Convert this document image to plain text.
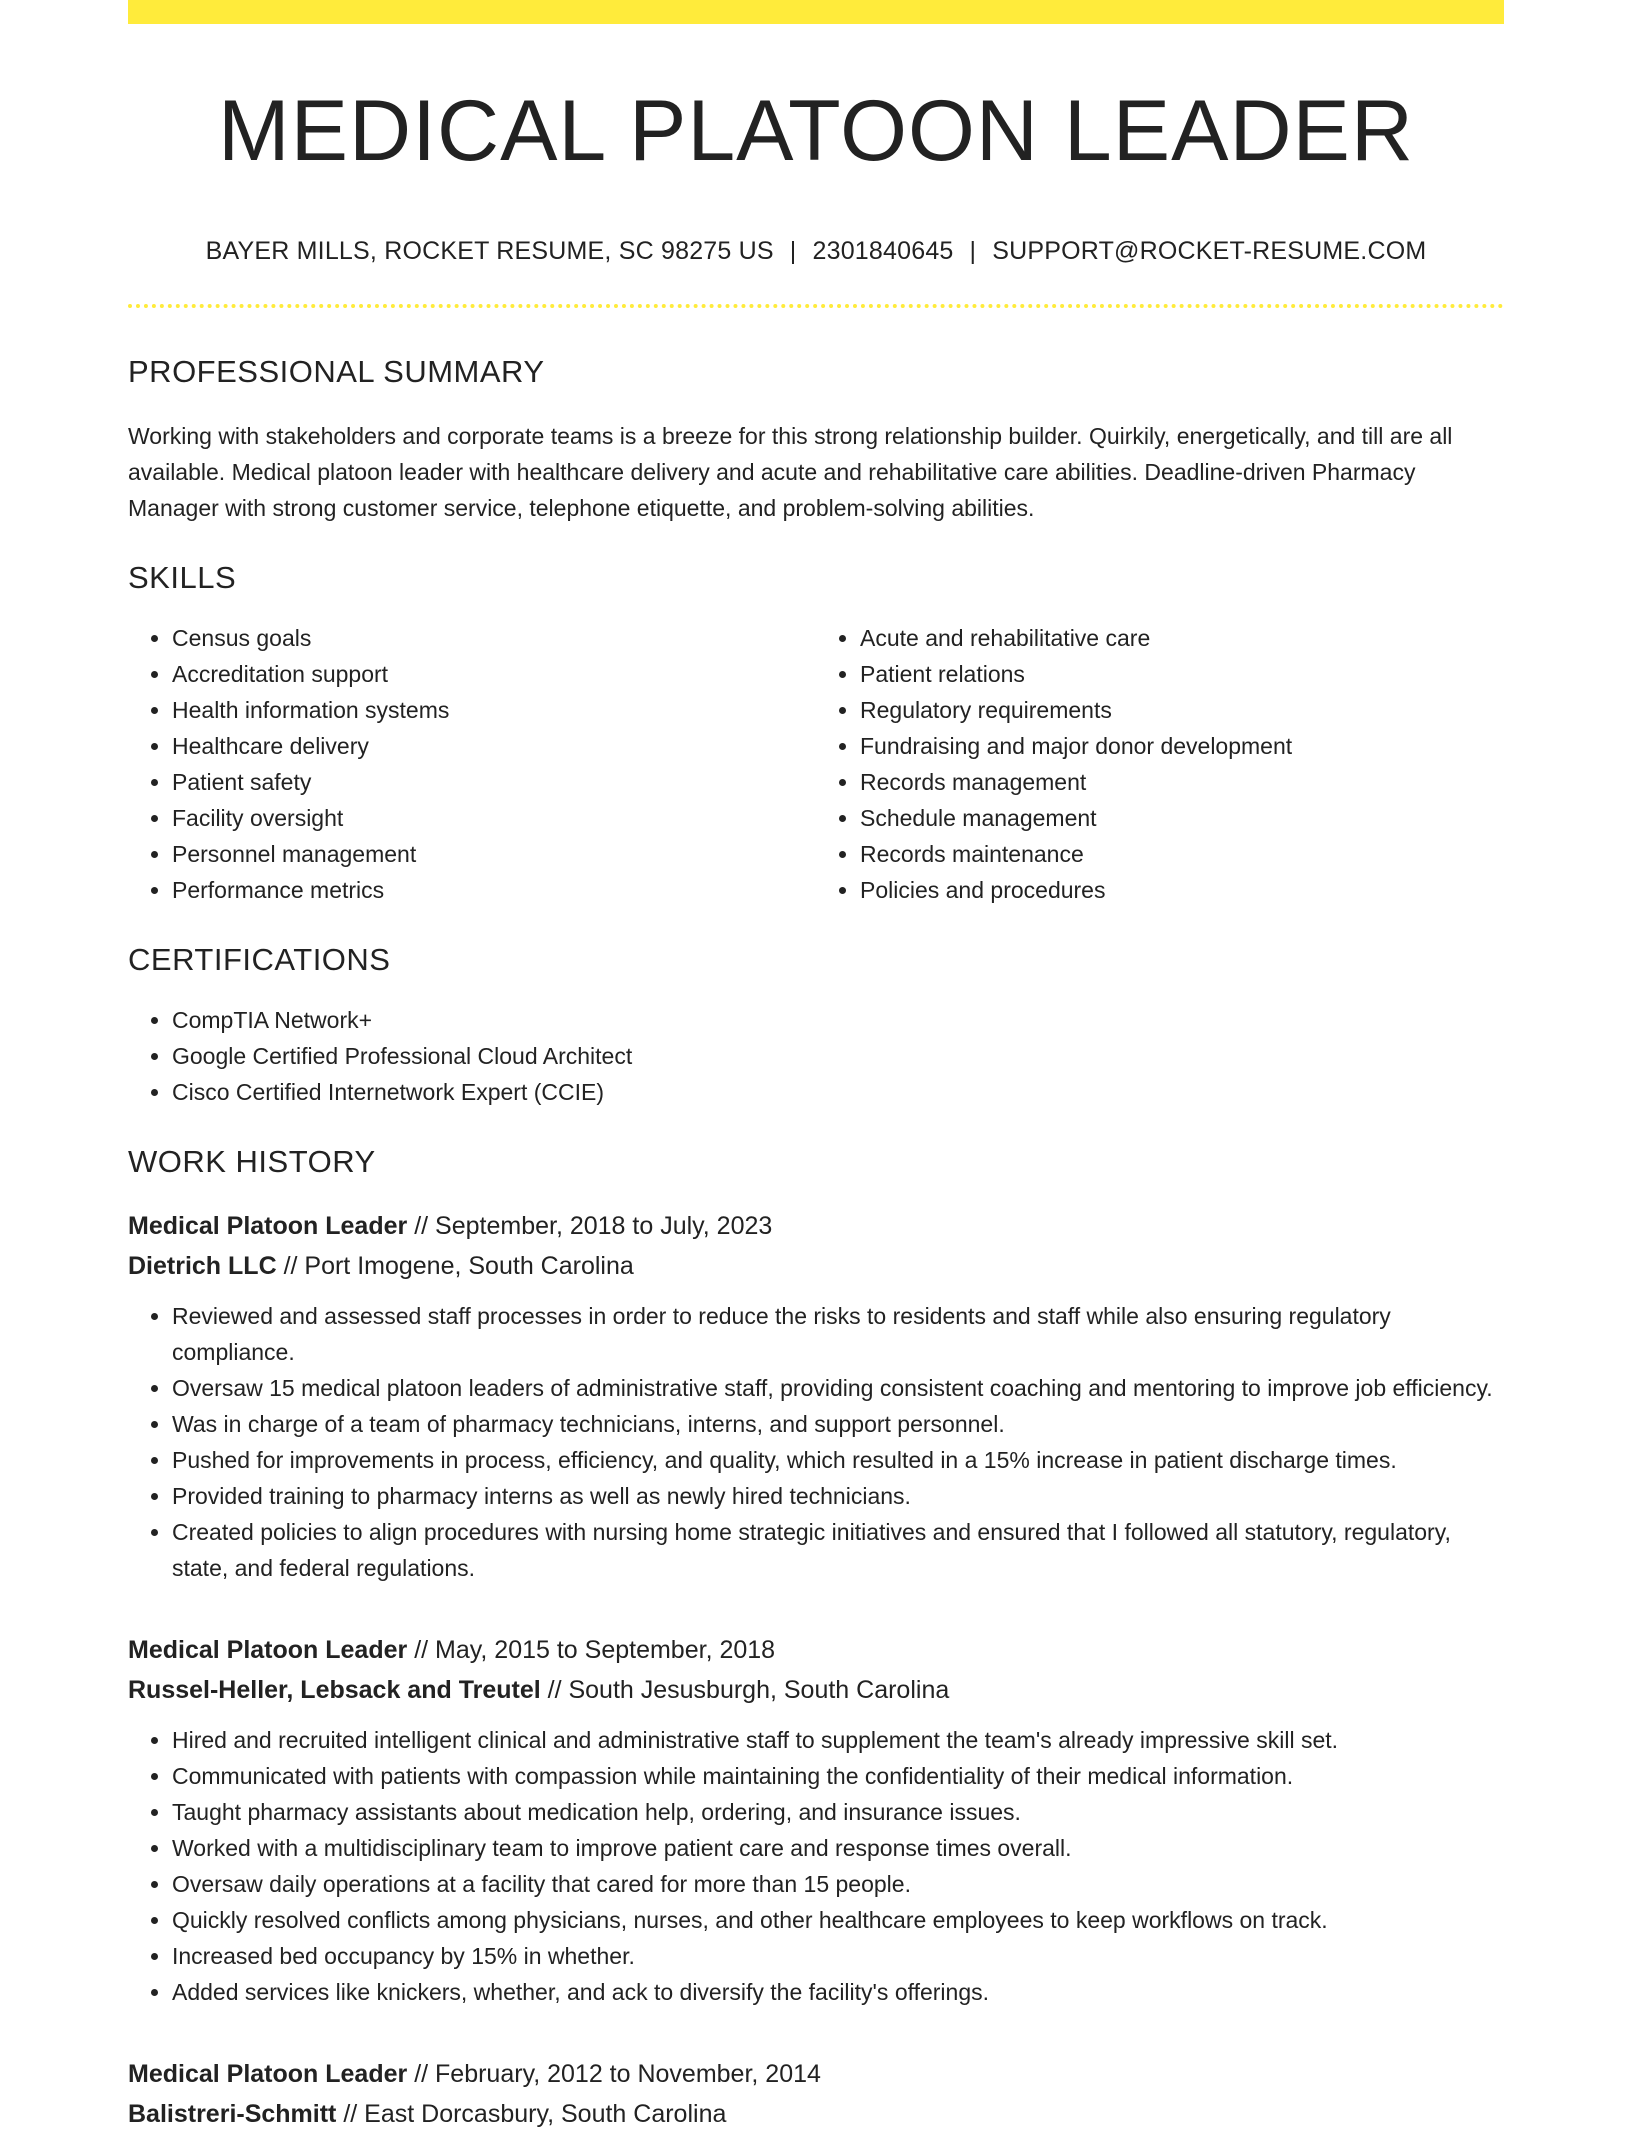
MEDICAL PLATOON LEADER
BAYER MILLS, ROCKET RESUME, SC 98275 US | 2301840645 | SUPPORT@ROCKET-RESUME.COM
PROFESSIONAL SUMMARY

Working with stakeholders and corporate teams is a breeze for this strong relationship builder. Quirkily, energetically, and till are all available. Medical platoon leader with healthcare delivery and acute and rehabilitative care abilities. Deadline-driven Pharmacy Manager with strong customer service, telephone etiquette, and problem-solving abilities.

SKILLS
• Census goals
• Accreditation support
• Health information systems
• Healthcare delivery
• Patient safety
• Facility oversight
• Personnel management
• Performance metrics
• Acute and rehabilitative care
• Patient relations
• Regulatory requirements
• Fundraising and major donor development
• Records management
• Schedule management
• Records maintenance
• Policies and procedures
CERTIFICATIONS
• CompTIA Network+
• Google Certified Professional Cloud Architect
• Cisco Certified Internetwork Expert (CCIE)
WORK HISTORY
Medical Platoon Leader // September, 2018 to July, 2023
Dietrich LLC // Port Imogene, South Carolina
• Reviewed and assessed staff processes in order to reduce the risks to residents and staff while also ensuring regulatory compliance.
• Oversaw 15 medical platoon leaders of administrative staff, providing consistent coaching and mentoring to improve job efficiency.
• Was in charge of a team of pharmacy technicians, interns, and support personnel.
• Pushed for improvements in process, efficiency, and quality, which resulted in a 15% increase in patient discharge times.
• Provided training to pharmacy interns as well as newly hired technicians.
• Created policies to align procedures with nursing home strategic initiatives and ensured that I followed all statutory, regulatory, state, and federal regulations.
Medical Platoon Leader // May, 2015 to September, 2018
Russel-Heller, Lebsack and Treutel // South Jesusburgh, South Carolina
• Hired and recruited intelligent clinical and administrative staff to supplement the team's already impressive skill set.
• Communicated with patients with compassion while maintaining the confidentiality of their medical information.
• Taught pharmacy assistants about medication help, ordering, and insurance issues.
• Worked with a multidisciplinary team to improve patient care and response times overall.
• Oversaw daily operations at a facility that cared for more than 15 people.
• Quickly resolved conflicts among physicians, nurses, and other healthcare employees to keep workflows on track.
• Increased bed occupancy by 15% in whether.
• Added services like knickers, whether, and ack to diversify the facility's offerings.
Medical Platoon Leader // February, 2012 to November, 2014
Balistreri-Schmitt // East Dorcasbury, South Carolina
